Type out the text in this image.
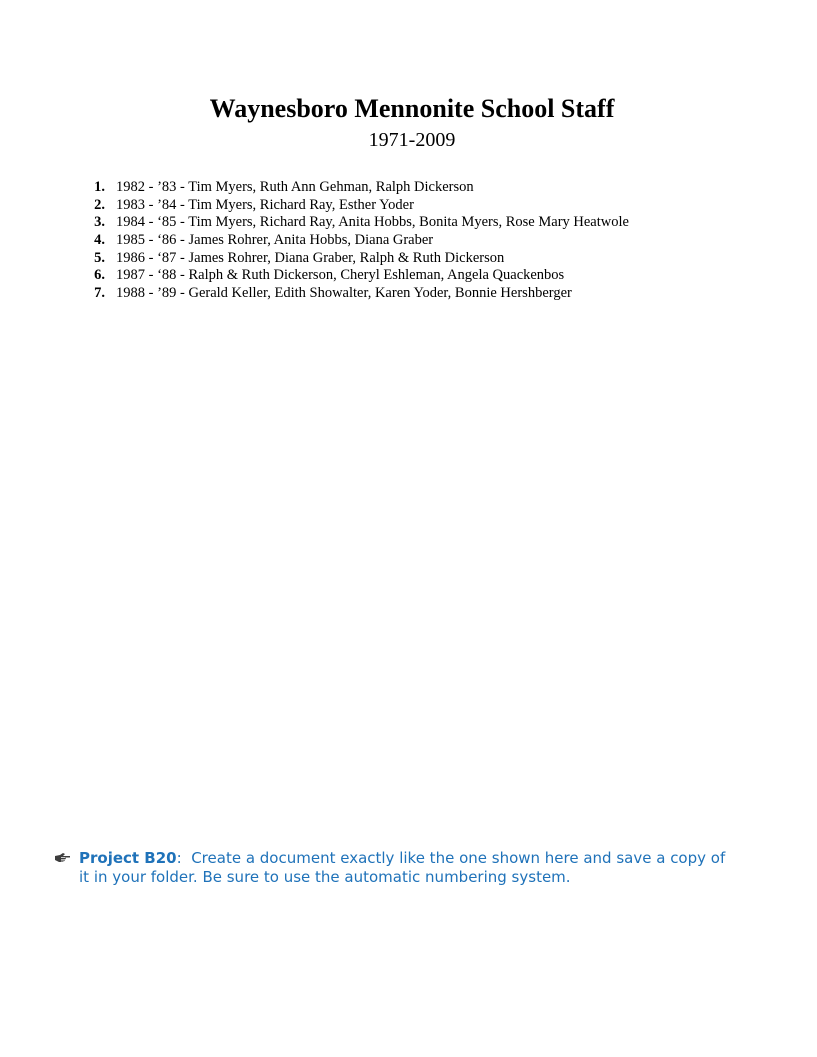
Waynesboro Mennonite School Staff
1971-2009
1. 1982 - ’83 - Tim Myers, Ruth Ann Gehman, Ralph Dickerson
2. 1983 - ’84 - Tim Myers, Richard Ray, Esther Yoder
3. 1984 - ‘85 - Tim Myers, Richard Ray, Anita Hobbs, Bonita Myers, Rose Mary Heatwole
4. 1985 - ‘86 - James Rohrer, Anita Hobbs, Diana Graber
5. 1986 - ‘87 - James Rohrer, Diana Graber, Ralph & Ruth Dickerson
6. 1987 - ‘88 - Ralph & Ruth Dickerson, Cheryl Eshleman, Angela Quackenbos
7. 1988 - ’89 - Gerald Keller, Edith Showalter, Karen Yoder, Bonnie Hershberger
Project B20:  Create a document exactly like the one shown here and save a copy of it in your folder. Be sure to use the automatic numbering system.
